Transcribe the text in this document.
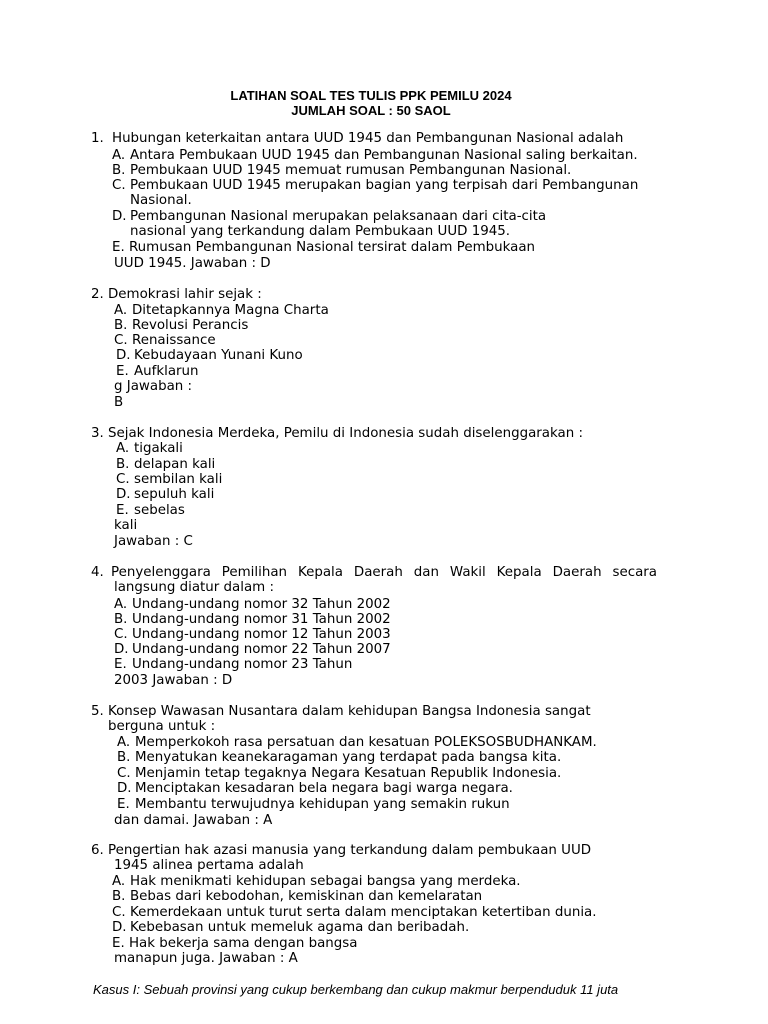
LATIHAN SOAL TES TULIS PPK PEMILU 2024
JUMLAH SOAL : 50 SAOL
1. Hubungan keterkaitan antara UUD 1945 dan Pembangunan Nasional adalah
A. Antara Pembukaan UUD 1945 dan Pembangunan Nasional saling berkaitan.
B. Pembukaan UUD 1945 memuat rumusan Pembangunan Nasional.
C. Pembukaan UUD 1945 merupakan bagian yang terpisah dari Pembangunan
Nasional.
D. Pembangunan Nasional merupakan pelaksanaan dari cita-cita
nasional yang terkandung dalam Pembukaan UUD 1945.
E. Rumusan Pembangunan Nasional tersirat dalam Pembukaan
UUD 1945. Jawaban : D
2. Demokrasi lahir sejak :
A. Ditetapkannya Magna Charta
B. Revolusi Perancis
C. Renaissance
D. Kebudayaan Yunani Kuno
E. Aufklarun
g Jawaban :
B
3. Sejak Indonesia Merdeka, Pemilu di Indonesia sudah diselenggarakan :
A. tigakali
B. delapan kali
C. sembilan kali
D. sepuluh kali
E. sebelas
kali
Jawaban : C
4. Penyelenggara Pemilihan Kepala Daerah dan Wakil Kepala Daerah secara
langsung diatur dalam :
A. Undang-undang nomor 32 Tahun 2002
B. Undang-undang nomor 31 Tahun 2002
C. Undang-undang nomor 12 Tahun 2003
D. Undang-undang nomor 22 Tahun 2007
E. Undang-undang nomor 23 Tahun
2003 Jawaban : D
5. Konsep Wawasan Nusantara dalam kehidupan Bangsa Indonesia sangat
berguna untuk :
A. Memperkokoh rasa persatuan dan kesatuan POLEKSOSBUDHANKAM.
B. Menyatukan keanekaragaman yang terdapat pada bangsa kita.
C. Menjamin tetap tegaknya Negara Kesatuan Republik Indonesia.
D. Menciptakan kesadaran bela negara bagi warga negara.
E. Membantu terwujudnya kehidupan yang semakin rukun
dan damai. Jawaban : A
6. Pengertian hak azasi manusia yang terkandung dalam pembukaan UUD
1945 alinea pertama adalah
A. Hak menikmati kehidupan sebagai bangsa yang merdeka.
B. Bebas dari kebodohan, kemiskinan dan kemelaratan
C. Kemerdekaan untuk turut serta dalam menciptakan ketertiban dunia.
D. Kebebasan untuk memeluk agama dan beribadah.
E. Hak bekerja sama dengan bangsa
manapun juga. Jawaban : A
Kasus I: Sebuah provinsi yang cukup berkembang dan cukup makmur berpenduduk 11 juta
